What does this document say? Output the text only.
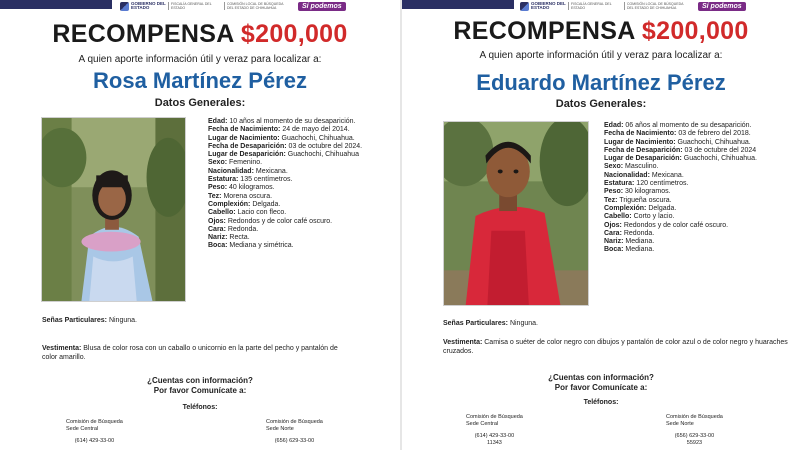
GOBIERNO DEL ESTADO
FISCALÍA GENERAL DEL ESTADO
COMISIÓN LOCAL DE BÚSQUEDA DEL ESTADO DE CHIHUAHUA	Sí podemos
RECOMPENSA $200,000
A quien aporte información útil y veraz para localizar a:
Rosa Martínez Pérez
Datos Generales:
Edad: 10 años al momento de su desaparición.
Fecha de Nacimiento: 24 de mayo del 2014.
Lugar de Nacimiento: Guachochi, Chihuahua.
Fecha de Desaparición: 03 de octubre del 2024.
Lugar de Desaparición: Guachochi, Chihuahua
Sexo: Femenino.
Nacionalidad: Mexicana.
Estatura: 135 centímetros.
Peso: 40 kilogramos.
Tez: Morena oscura.
Complexión: Delgada.
Cabello: Lacio con fleco.
Ojos: Redondos y de color café oscuro.
Cara: Redonda.
Nariz: Recta.
Boca: Mediana y simétrica.
Señas Particulares: Ninguna.
Vestimenta: Blusa de color rosa con un caballo o unicornio en la parte del pecho y pantalón de color amarillo.
¿Cuentas con información?
Por favor Comunícate a:
Teléfonos:
Comisión de Búsqueda
Sede Central
(614) 429-33-00
Comisión de Búsqueda
Sede Norte
(656) 629-33-00
GOBIERNO DEL ESTADO
FISCALÍA GENERAL DEL ESTADO
COMISIÓN LOCAL DE BÚSQUEDA DEL ESTADO DE CHIHUAHUA	Sí podemos
RECOMPENSA $200,000
A quien aporte información útil y veraz para localizar a:
Eduardo Martínez Pérez
Datos Generales:
Edad: 06 años al momento de su desaparición.
Fecha de Nacimiento: 03 de febrero del 2018.
Lugar de Nacimiento: Guachochi, Chihuahua.
Fecha de Desaparición: 03 de octubre del 2024
Lugar de Desaparición: Guachochi, Chihuahua.
Sexo: Masculino.
Nacionalidad: Mexicana.
Estatura: 120 centímetros.
Peso: 30 kilogramos.
Tez: Trigueña oscura.
Complexión: Delgada.
Cabello: Corto y lacio.
Ojos: Redondos y de color café oscuro.
Cara: Redonda.
Nariz: Mediana.
Boca: Mediana.
Señas Particulares: Ninguna.
Vestimenta: Camisa o suéter de color negro con dibujos y pantalón de color azul o de color negro y huaraches cruzados.
¿Cuentas con información?
Por favor Comunícate a:
Teléfonos:
Comisión de Búsqueda
Sede Central
(614) 429-33-00
11343
Comisión de Búsqueda
Sede Norte
(656) 629-33-00
55923
